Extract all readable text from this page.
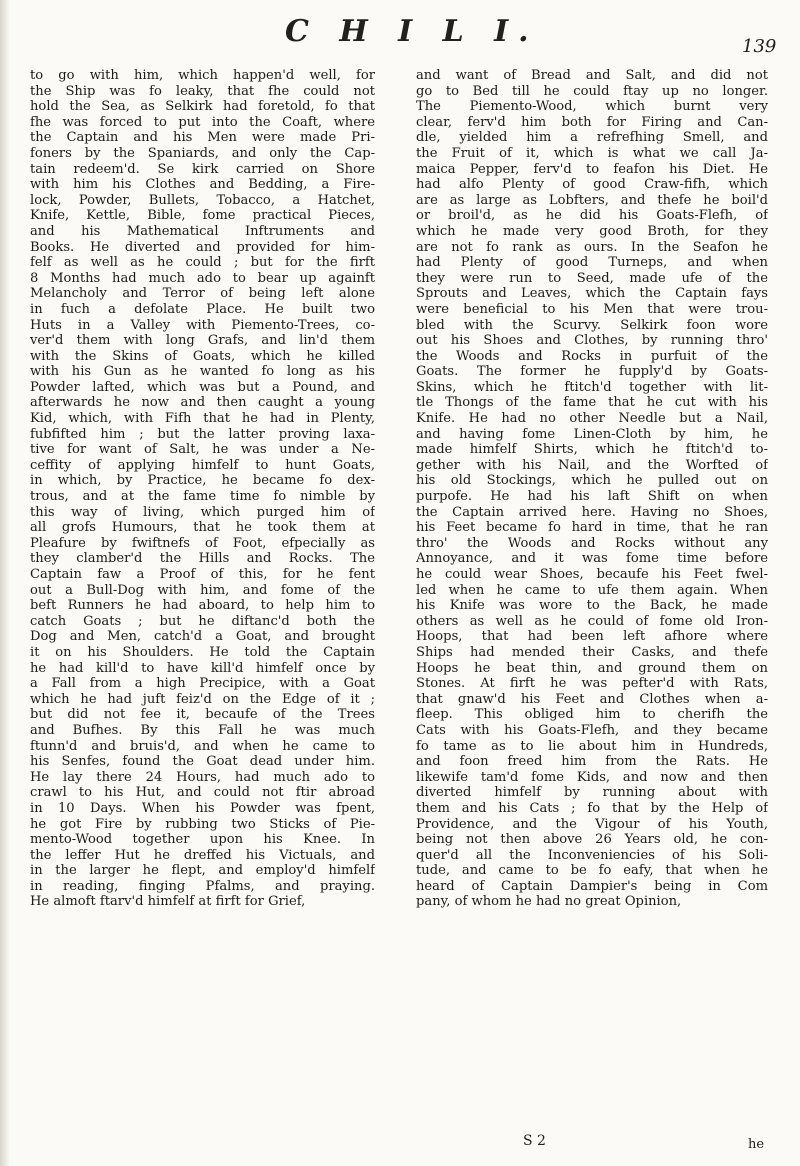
C H I L I.	139
to go with him, which happen'd well, for
the Ship was fo leaky, that fhe could not
hold the Sea, as Selkirk had foretold, fo that
fhe was forced to put into the Coaft, where
the Captain and his Men were made Pri-
foners by the Spaniards, and only the Cap-
tain redeem'd. Se kirk carried on Shore
with him his Clothes and Bedding, a Fire-
lock, Powder, Bullets, Tobacco, a Hatchet,
Knife, Kettle, Bible, fome practical Pieces,
and his Mathematical Inftruments and
Books. He diverted and provided for him-
felf as well as he could ; but for the firft
8 Months had much ado to bear up againft
Melancholy and Terror of being left alone
in fuch a defolate Place. He built two
Huts in a Valley with Piemento-Trees, co-
ver'd them with long Grafs, and lin'd them
with the Skins of Goats, which he killed
with his Gun as he wanted fo long as his
Powder lafted, which was but a Pound, and
afterwards he now and then caught a young
Kid, which, with Fifh that he had in Plenty,
fubfifted him ; but the latter proving laxa-
tive for want of Salt, he was under a Ne-
ceffity of applying himfelf to hunt Goats,
in which, by Practice, he became fo dex-
trous, and at the fame time fo nimble by
this way of living, which purged him of
all grofs Humours, that he took them at
Pleafure by fwiftnefs of Foot, efpecially as
they clamber'd the Hills and Rocks. The
Captain faw a Proof of this, for he fent
out a Bull-Dog with him, and fome of the
beft Runners he had aboard, to help him to
catch Goats ; but he diftanc'd both the
Dog and Men, catch'd a Goat, and brought
it on his Shoulders. He told the Captain
he had kill'd to have kill'd himfelf once by
a Fall from a high Precipice, with a Goat
which he had juft feiz'd on the Edge of it ;
but did not fee it, becaufe of the Trees
and Bufhes. By this Fall he was much
ftunn'd and bruis'd, and when he came to
his Senfes, found the Goat dead under him.
He lay there 24 Hours, had much ado to
crawl to his Hut, and could not ftir abroad
in 10 Days. When his Powder was fpent,
he got Fire by rubbing two Sticks of Pie-
mento-Wood together upon his Knee. In
the leffer Hut he dreffed his Victuals, and
in the larger he flept, and employ'd himfelf
in reading, finging Pfalms, and praying.
He almoft ftarv'd himfelf at firft for Grief,
and want of Bread and Salt, and did not
go to Bed till he could ftay up no longer.
The Piemento-Wood, which burnt very
clear, ferv'd him both for Firing and Can-
dle, yielded him a refrefhing Smell, and
the Fruit of it, which is what we call Ja-
maica Pepper, ferv'd to feafon his Diet. He
had alfo Plenty of good Craw-fifh, which
are as large as Lobfters, and thefe he boil'd
or broil'd, as he did his Goats-Flefh, of
which he made very good Broth, for they
are not fo rank as ours. In the Seafon he
had Plenty of good Turneps, and when
they were run to Seed, made ufe of the
Sprouts and Leaves, which the Captain fays
were beneficial to his Men that were trou-
bled with the Scurvy. Selkirk foon wore
out his Shoes and Clothes, by running thro'
the Woods and Rocks in purfuit of the
Goats. The former he fupply'd by Goats-
Skins, which he ftitch'd together with lit-
tle Thongs of the fame that he cut with his
Knife. He had no other Needle but a Nail,
and having fome Linen-Cloth by him, he
made himfelf Shirts, which he ftitch'd to-
gether with his Nail, and the Worfted of
his old Stockings, which he pulled out on
purpofe. He had his laft Shift on when
the Captain arrived here. Having no Shoes,
his Feet became fo hard in time, that he ran
thro' the Woods and Rocks without any
Annoyance, and it was fome time before
he could wear Shoes, becaufe his Feet fwel-
led when he came to ufe them again. When
his Knife was wore to the Back, he made
others as well as he could of fome old Iron-
Hoops, that had been left afhore where
Ships had mended their Casks, and thefe
Hoops he beat thin, and ground them on
Stones. At firft he was pefter'd with Rats,
that gnaw'd his Feet and Clothes when a-
fleep. This obliged him to cherifh the
Cats with his Goats-Flefh, and they became
fo tame as to lie about him in Hundreds,
and foon freed him from the Rats. He
likewife tam'd fome Kids, and now and then
diverted himfelf by running about with
them and his Cats ; fo that by the Help of
Providence, and the Vigour of his Youth,
being not then above 26 Years old, he con-
quer'd all the Inconveniencies of his Soli-
tude, and came to be fo eafy, that when he
heard of Captain Dampier's being in Com
pany, of whom he had no great Opinion,
S 2	he
